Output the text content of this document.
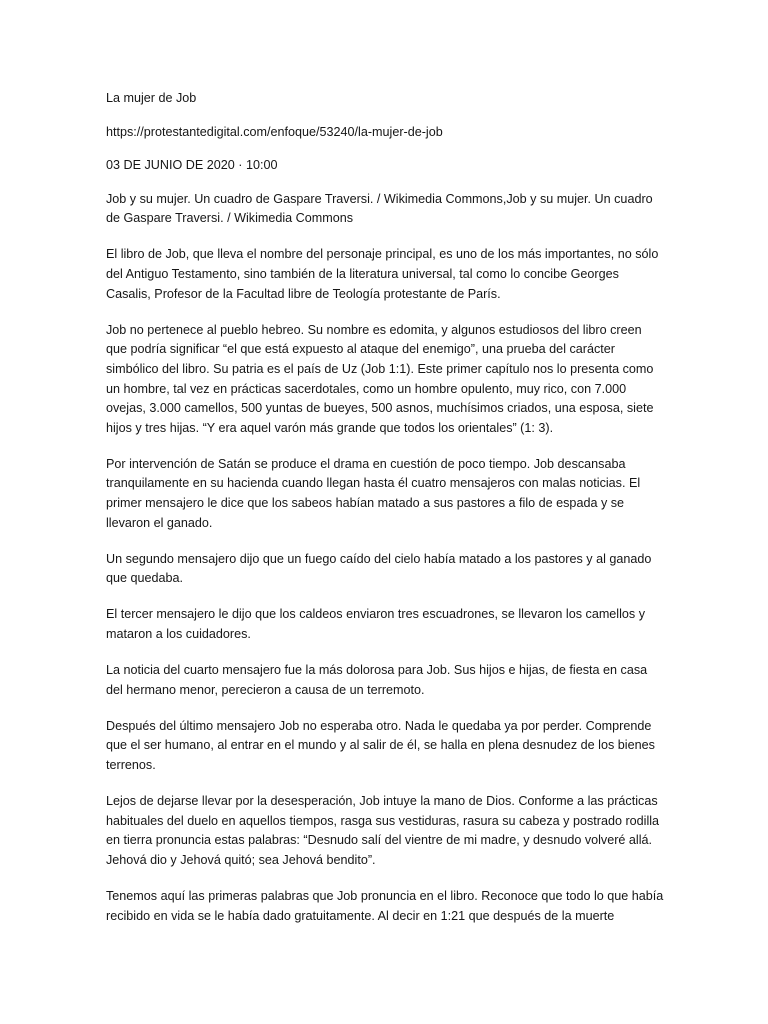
La mujer de Job

https://protestantedigital.com/enfoque/53240/la-mujer-de-job

03 DE JUNIO DE 2020 · 10:00

Job y su mujer. Un cuadro de Gaspare Traversi. / Wikimedia Commons,Job y su mujer. Un cuadro de Gaspare Traversi. / Wikimedia Commons

El libro de Job, que lleva el nombre del personaje principal, es uno de los más importantes, no sólo del Antiguo Testamento, sino también de la literatura universal, tal como lo concibe Georges Casalis, Profesor de la Facultad libre de Teología protestante de París.

Job no pertenece al pueblo hebreo. Su nombre es edomita, y algunos estudiosos del libro creen que podría significar “el que está expuesto al ataque del enemigo”, una prueba del carácter simbólico del libro. Su patria es el país de Uz (Job 1:1). Este primer capítulo nos lo presenta como un hombre, tal vez en prácticas sacerdotales, como un hombre opulento, muy rico, con 7.000 ovejas, 3.000 camellos, 500 yuntas de bueyes, 500 asnos, muchísimos criados, una esposa, siete hijos y tres hijas. “Y era aquel varón más grande que todos los orientales” (1: 3).

Por intervención de Satán se produce el drama en cuestión de poco tiempo. Job descansaba tranquilamente en su hacienda cuando llegan hasta él cuatro mensajeros con malas noticias. El primer mensajero le dice que los sabeos habían matado a sus pastores a filo de espada y se llevaron el ganado.

Un segundo mensajero dijo que un fuego caído del cielo había matado a los pastores y al ganado que quedaba.

El tercer mensajero le dijo que los caldeos enviaron tres escuadrones, se llevaron los camellos y mataron a los cuidadores.

La noticia del cuarto mensajero fue la más dolorosa para Job. Sus hijos e hijas, de fiesta en casa del hermano menor, perecieron a causa de un terremoto.

Después del último mensajero Job no esperaba otro. Nada le quedaba ya por perder. Comprende que el ser humano, al entrar en el mundo y al salir de él, se halla en plena desnudez de los bienes terrenos.

Lejos de dejarse llevar por la desesperación, Job intuye la mano de Dios. Conforme a las prácticas habituales del duelo en aquellos tiempos, rasga sus vestiduras, rasura su cabeza y postrado rodilla en tierra pronuncia estas palabras: “Desnudo salí del vientre de mi madre, y desnudo volveré allá. Jehová dio y Jehová quitó; sea Jehová bendito”.

Tenemos aquí las primeras palabras que Job pronuncia en el libro. Reconoce que todo lo que había recibido en vida se le había dado gratuitamente. Al decir en 1:21 que después de la muerte
